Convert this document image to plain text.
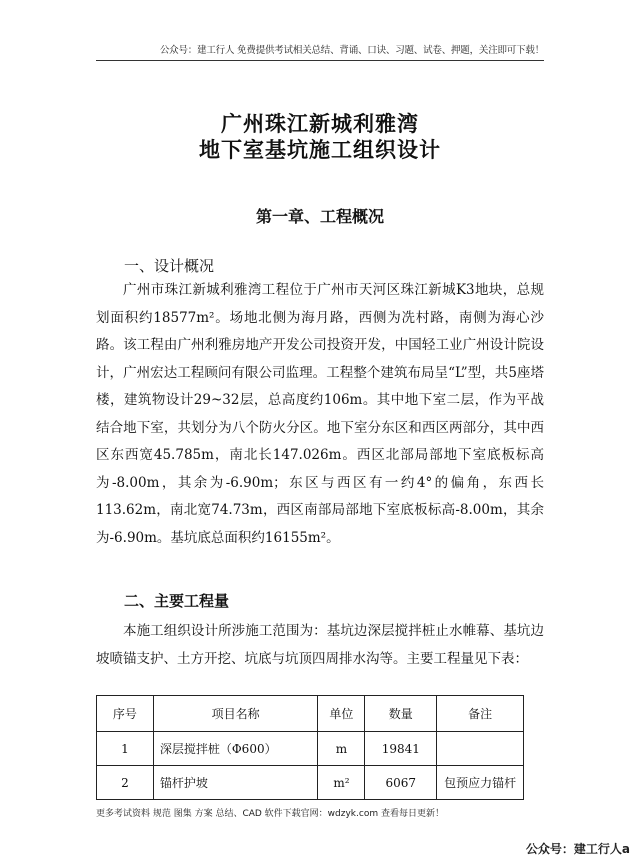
公众号：建工行人 免费提供考试相关总结、背诵、口诀、习题、试卷、押题，关注即可下载！
广州珠江新城利雅湾
地下室基坑施工组织设计
第一章、工程概况
一、设计概况

广州市珠江新城利雅湾工程位于广州市天河区珠江新城K3地块，总规划面积约18577m²。场地北侧为海月路，西侧为冼村路，南侧为海心沙路。该工程由广州利雅房地产开发公司投资开发，中国轻工业广州设计院设计，广州宏达工程顾问有限公司监理。工程整个建筑布局呈“L”型，共5座塔楼，建筑物设计29~32层，总高度约106m。其中地下室二层，作为平战结合地下室，共划分为八个防火分区。地下室分东区和西区两部分，其中西区东西宽45.785m，南北长147.026m。西区北部局部地下室底板标高为-8.00m，其余为-6.90m；东区与西区有一约4°的偏角，东西长113.62m，南北宽74.73m，西区南部局部地下室底板标高-8.00m，其余为-6.90m。基坑底总面积约16155m²。

二、主要工程量

本施工组织设计所涉施工范围为：基坑边深层搅拌桩止水帷幕、基坑边坡喷锚支护、土方开挖、坑底与坑顶四周排水沟等。主要工程量见下表：

序号	项目名称	单位	数量	备注
1	深层搅拌桩（Φ600）	m	19841	
2	锚杆护坡	m²	6067	包预应力锚杆
更多考试资料 规范 图集 方案 总结、CAD 软件下载官网：wdzyk.com 查看每日更新！
公众号：建工行人a
